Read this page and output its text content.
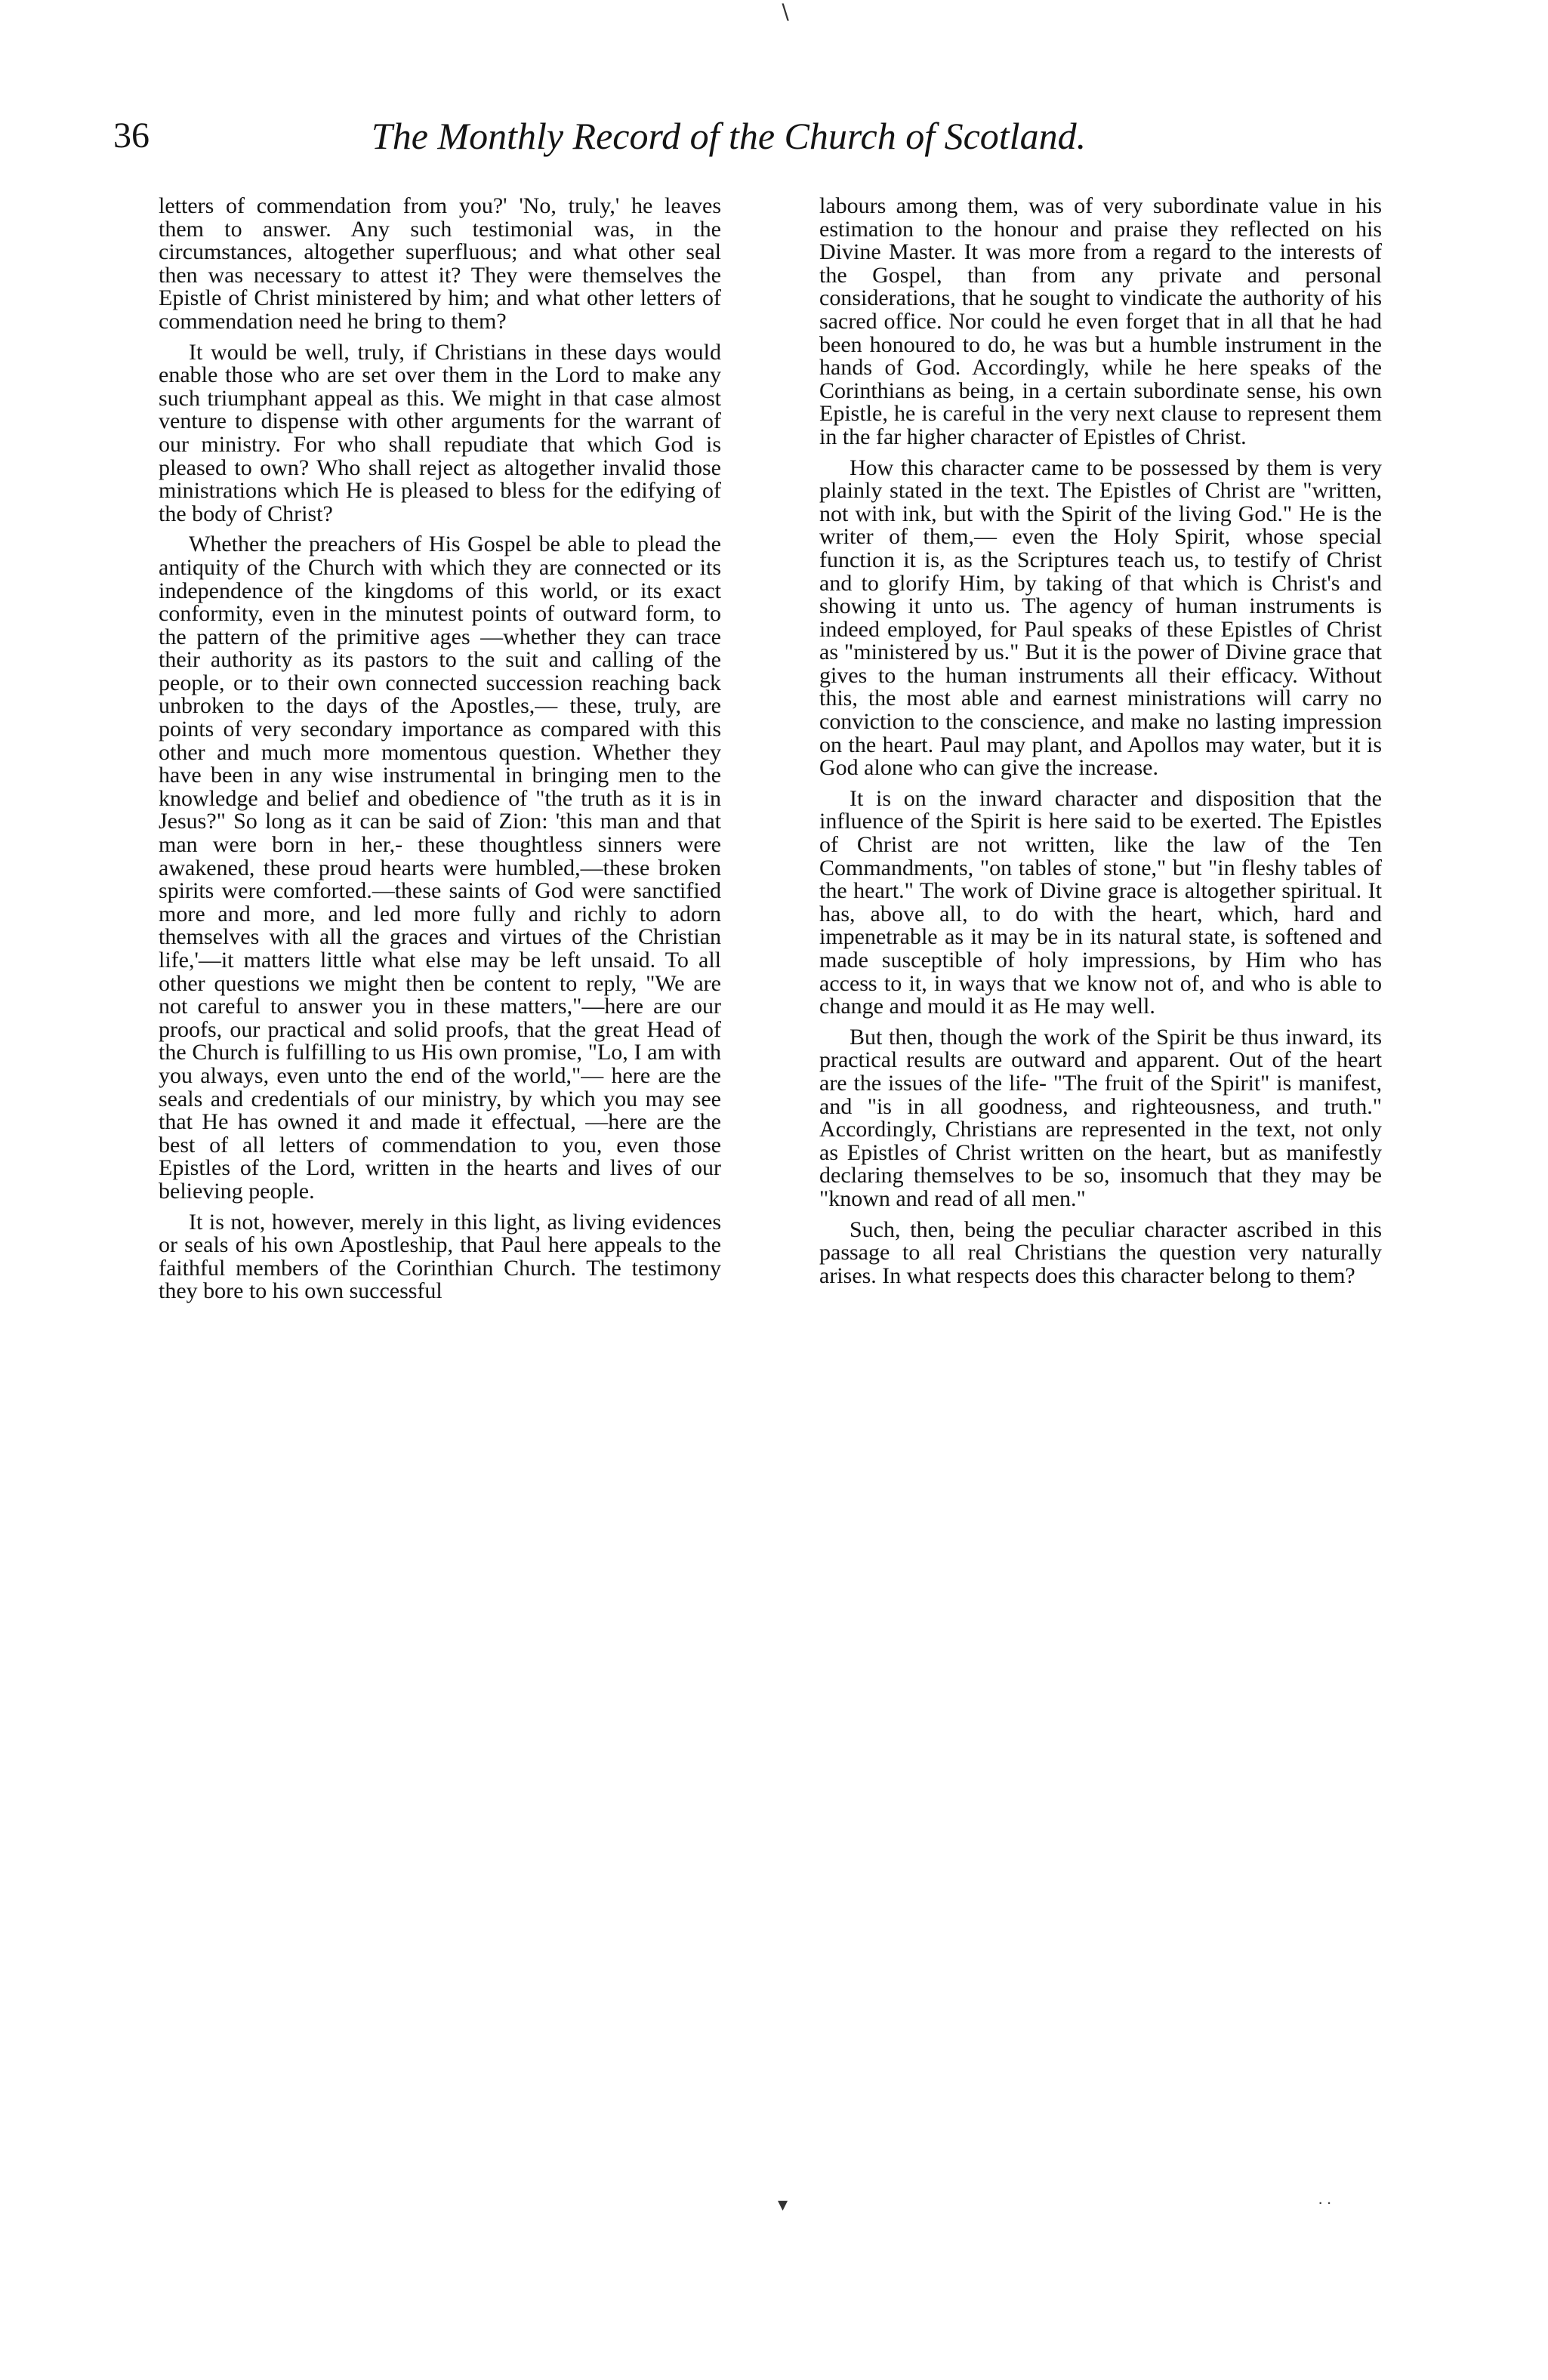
36	The Monthly Record of the Church of Scotland.

letters of commendation from you?' 'No, truly,' he leaves them to answer. Any such testimonial was, in the circumstances, altogether superfluous; and what other seal then was necessary to attest it? They were themselves the Epistle of Christ ministered by him; and what other letters of commendation need he bring to them?

It would be well, truly, if Christians in these days would enable those who are set over them in the Lord to make any such triumphant appeal as this. We might in that case almost venture to dispense with other arguments for the warrant of our ministry. For who shall repudiate that which God is pleased to own? Who shall reject as altogether invalid those ministrations which He is pleased to bless for the edifying of the body of Christ?

Whether the preachers of His Gospel be able to plead the antiquity of the Church with which they are connected or its independence of the kingdoms of this world, or its exact conformity, even in the minutest points of outward form, to the pattern of the primitive ages —whether they can trace their authority as its pastors to the suit and calling of the people, or to their own connected succession reaching back unbroken to the days of the Apostles,— these, truly, are points of very secondary importance as compared with this other and much more momentous question. Whether they have been in any wise instrumental in bringing men to the knowledge and belief and obedience of "the truth as it is in Jesus?" So long as it can be said of Zion: 'this man and that man were born in her,- these thoughtless sinners were awakened, these proud hearts were humbled,—these broken spirits were comforted.—these saints of God were sanctified more and more, and led more fully and richly to adorn themselves with all the graces and virtues of the Christian life,'—it matters little what else may be left unsaid. To all other questions we might then be content to reply, "We are not careful to answer you in these matters,"—here are our proofs, our practical and solid proofs, that the great Head of the Church is fulfilling to us His own promise, "Lo, I am with you always, even unto the end of the world,"— here are the seals and credentials of our ministry, by which you may see that He has owned it and made it effectual, —here are the best of all letters of commendation to you, even those Epistles of the Lord, written in the hearts and lives of our believing people.

It is not, however, merely in this light, as living evidences or seals of his own Apostleship, that Paul here appeals to the faithful members of the Corinthian Church. The testimony they bore to his own successful

labours among them, was of very subordinate value in his estimation to the honour and praise they reflected on his Divine Master. It was more from a regard to the interests of the Gospel, than from any private and personal considerations, that he sought to vindicate the authority of his sacred office. Nor could he even forget that in all that he had been honoured to do, he was but a humble instrument in the hands of God. Accordingly, while he here speaks of the Corinthians as being, in a certain subordinate sense, his own Epistle, he is careful in the very next clause to represent them in the far higher character of Epistles of Christ.

How this character came to be possessed by them is very plainly stated in the text. The Epistles of Christ are "written, not with ink, but with the Spirit of the living God." He is the writer of them,— even the Holy Spirit, whose special function it is, as the Scriptures teach us, to testify of Christ and to glorify Him, by taking of that which is Christ's and showing it unto us. The agency of human instruments is indeed employed, for Paul speaks of these Epistles of Christ as "ministered by us." But it is the power of Divine grace that gives to the human instruments all their efficacy. Without this, the most able and earnest ministrations will carry no conviction to the conscience, and make no lasting impression on the heart. Paul may plant, and Apollos may water, but it is God alone who can give the increase.

It is on the inward character and disposition that the influence of the Spirit is here said to be exerted. The Epistles of Christ are not written, like the law of the Ten Commandments, "on tables of stone," but "in fleshy tables of the heart." The work of Divine grace is altogether spiritual. It has, above all, to do with the heart, which, hard and impenetrable as it may be in its natural state, is softened and made susceptible of holy impressions, by Him who has access to it, in ways that we know not of, and who is able to change and mould it as He may well.

But then, though the work of the Spirit be thus inward, its practical results are outward and apparent. Out of the heart are the issues of the life- "The fruit of the Spirit" is manifest, and "is in all goodness, and righteousness, and truth." Accordingly, Christians are represented in the text, not only as Epistles of Christ written on the heart, but as manifestly declaring themselves to be so, insomuch that they may be "known and read of all men."

Such, then, being the peculiar character ascribed in this passage to all real Christians the question very naturally arises. In what respects does this character belong to them?

∖
▾	··
